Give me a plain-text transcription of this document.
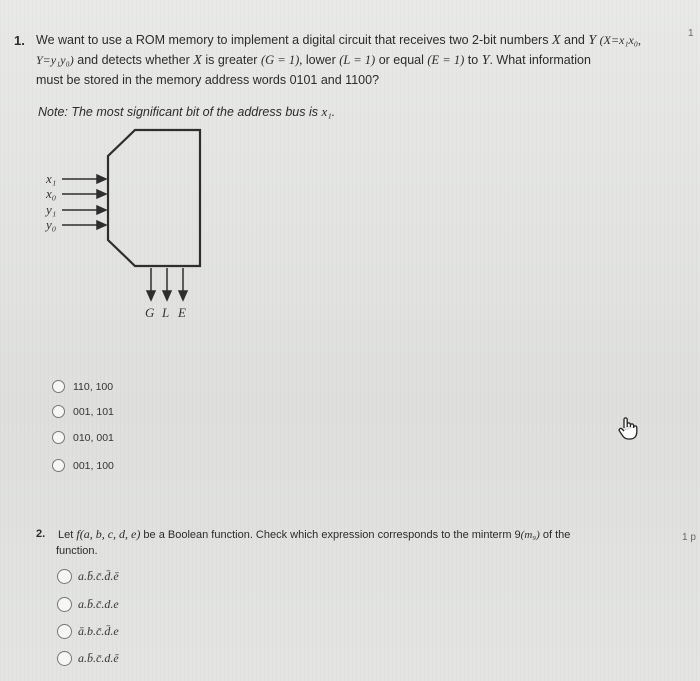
1.	1
We want to use a ROM memory to implement a digital circuit that receives two 2-bit numbers X and Y (X=x₁x₀,
Y=y₁y₀) and detects whether X is greater (G = 1), lower (L = 1) or equal (E = 1) to Y. What information
must be stored in the memory address words 0101 and 1100?
Note: The most significant bit of the address bus is x₁.
x₁
x₀
y₁
y₀
G L E
110, 100
001, 101
010, 001
001, 100
2.	1 p
Let f(a, b, c, d, e) be a Boolean function. Check which expression corresponds to the minterm 9(m₉) of the
function.
a.b̄.c̄.d̄.ē
a.b̄.c̄.d.e
ā.b.c̄.d̄.e
a.b̄.c̄.d.ē
